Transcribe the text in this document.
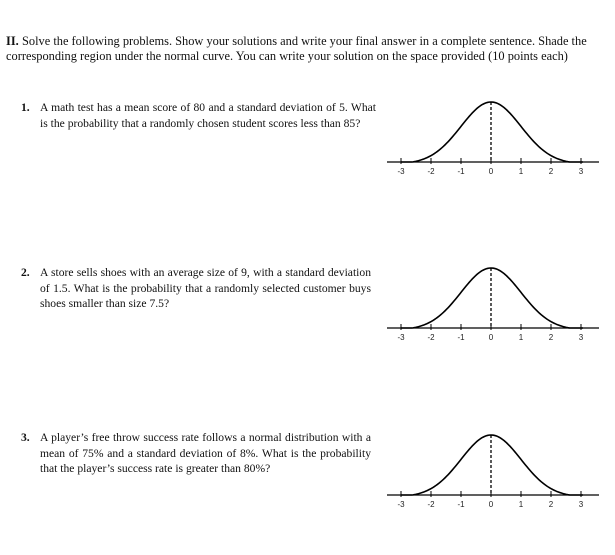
II. Solve the following problems. Show your solutions and write your final answer in a complete sentence. Shade the corresponding region under the normal curve. You can write your solution on the space provided (10 points each)
1. A math test has a mean score of 80 and a standard deviation of 5. What is the probability that a randomly chosen student scores less than 85?
-3	-2	-1	0	1	2	3
2. A store sells shoes with an average size of 9, with a standard deviation of 1.5. What is the probability that a randomly selected customer buys shoes smaller than size 7.5?
-3	-2	-1	0	1	2	3
3. A player’s free throw success rate follows a normal distribution with a mean of 75% and a standard deviation of 8%. What is the probability that the player’s success rate is greater than 80%?
-3	-2	-1	0	1	2	3
